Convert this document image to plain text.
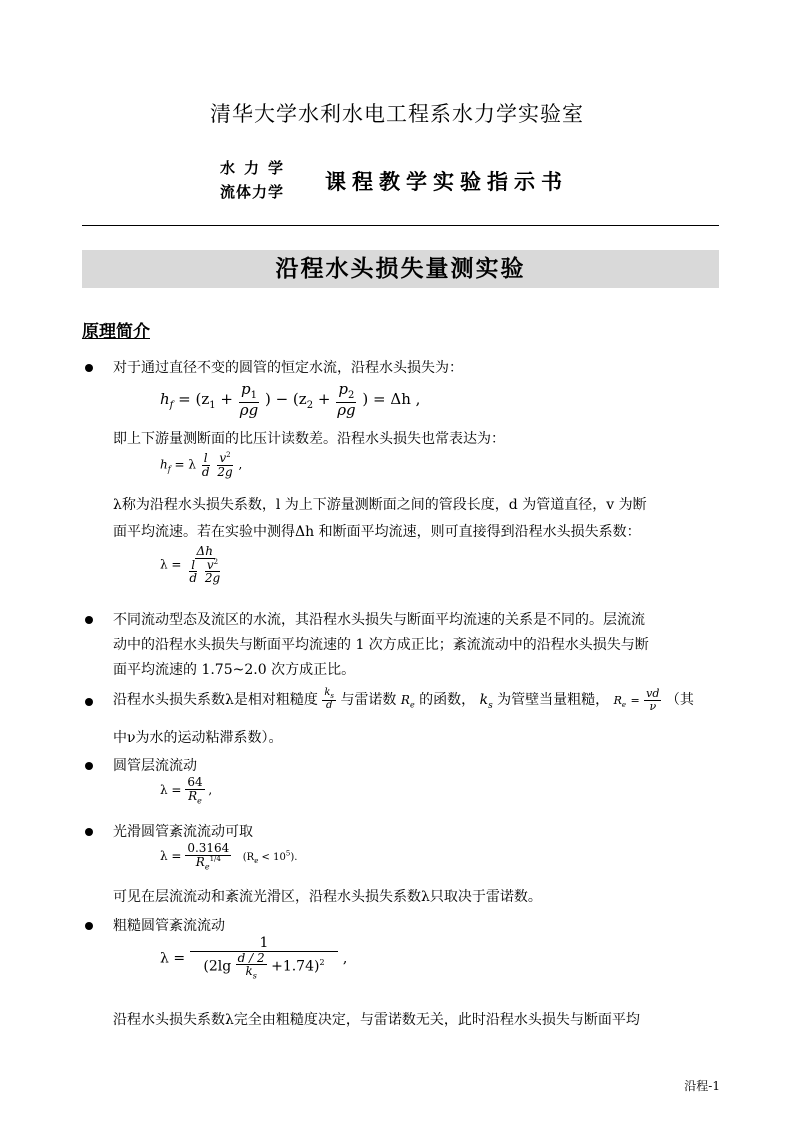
清华大学水利水电工程系水力学实验室
水力学
流体力学 课程教学实验指示书
沿程水头损失量测实验
原理简介
对于通过直径不变的圆管的恒定水流，沿程水头损失为：
$h_f = (z_1 + \frac{p_1}{\rho g}$ ) − ($z_2 + \frac{p_2}{\rho g}$ ) = Δh ,
即上下游量测断面的比压计读数差。沿程水头损失也常表达为：
$h_f = \lambda \frac{l}{d}$
$\frac{v^2}{2g}$ ,
λ称为沿程水头损失系数，l 为上下游量测断面之间的管段长度，d 为管道直径，v 为断
面平均流速。若在实验中测得Δh 和断面平均流速，则可直接得到沿程水头损失系数：
λ = Δh
$\frac{l}{d}$
$\frac{v^2}{2g}$
不同流动型态及流区的水流，其沿程水头损失与断面平均流速的关系是不同的。层流流
动中的沿程水头损失与断面平均流速的 1 次方成正比；紊流流动中的沿程水头损失与断
面平均流速的 1.75~2.0 次方成正比。
沿程水头损失系数λ是相对粗糙度 $\frac{k_s}{d}$ 与雷诺数 $R_e$ 的函数， $k_s$ 为管壁当量粗糙， $R_e = \frac{vd}{\nu}$ （其
中ν为水的运动粘滞系数）。
圆管层流流动
$\lambda = \frac{64}{R_e}$ ,
光滑圆管紊流流动可取
$\lambda = \frac{0.3164}{R_e^{1/4}} (R_e < 10^5)$.
可见在层流流动和紊流光滑区，沿程水头损失系数λ只取决于雷诺数。
粗糙圆管紊流流动
$\lambda = \frac{1}{(2\lg \frac{d / 2}{k_s} +1.74)^2}$ ,
沿程水头损失系数λ完全由粗糙度决定，与雷诺数无关，此时沿程水头损失与断面平均
沿程-1
